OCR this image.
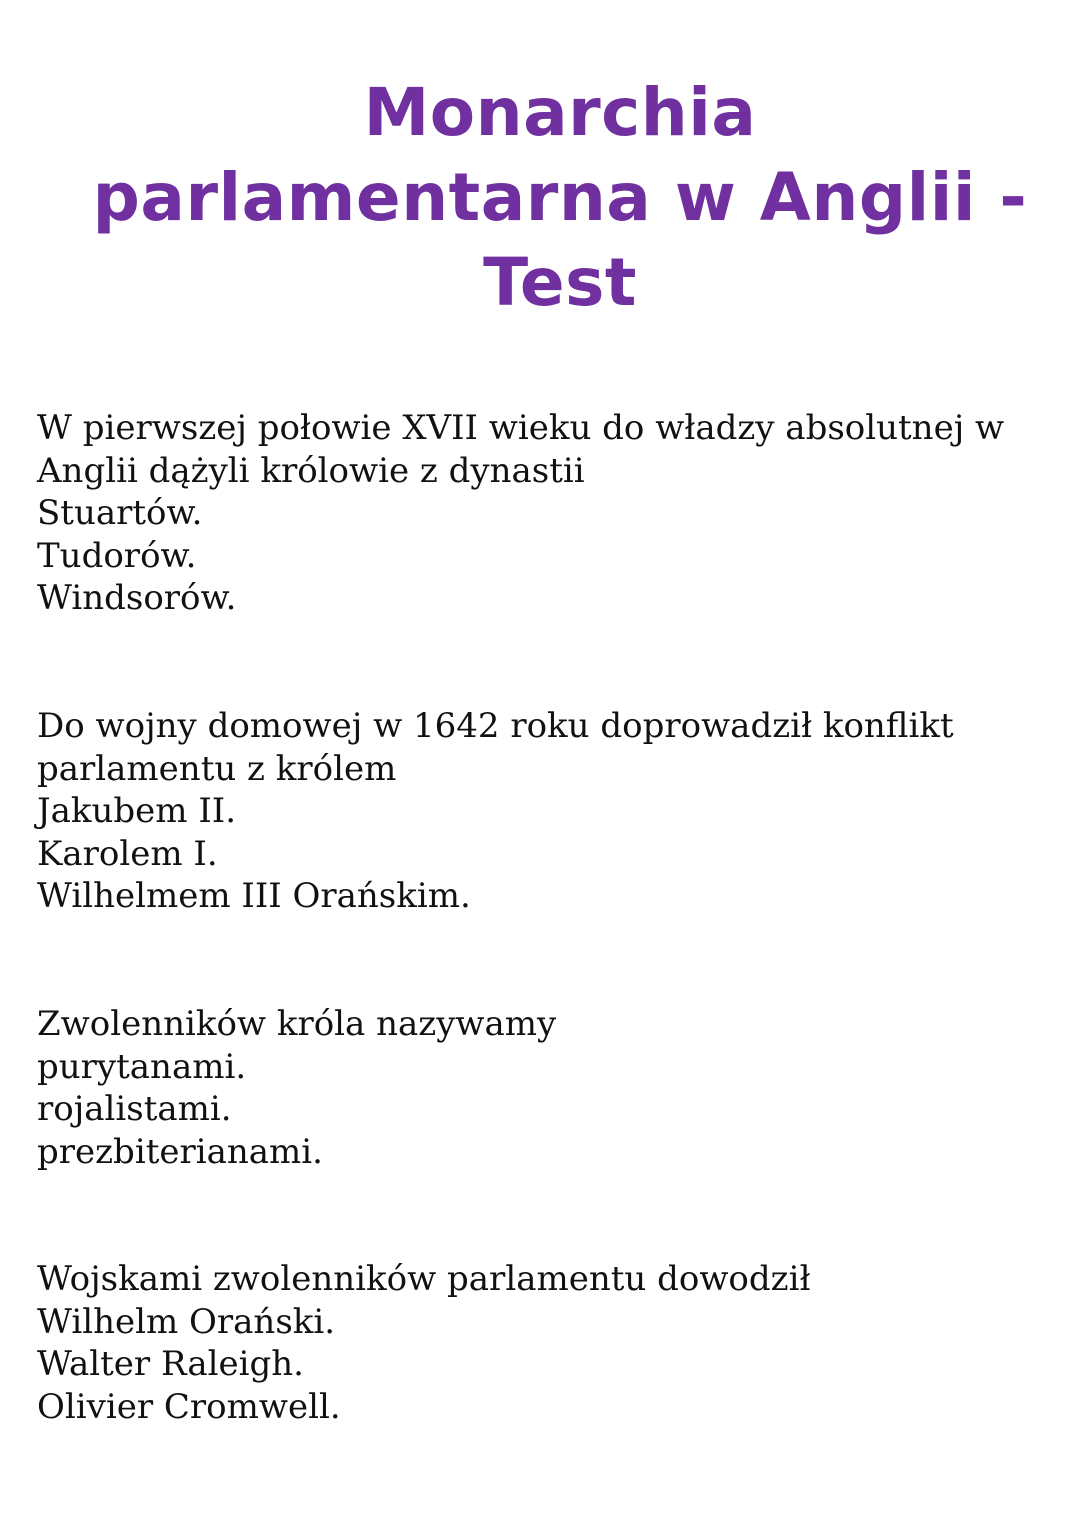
Monarchia
parlamentarna w Anglii -
Test

W pierwszej połowie XVII wieku do władzy absolutnej w

Anglii dążyli królowie z dynastii

Stuartów.

Tudorów.

Windsorów.

Do wojny domowej w 1642 roku doprowadził konflikt

parlamentu z królem

Jakubem II.

Karolem I.

Wilhelmem III Orańskim.

Zwolenników króla nazywamy

purytanami.

rojalistami.

prezbiterianami.

Wojskami zwolenników parlamentu dowodził

Wilhelm Orański.

Walter Raleigh.

Olivier Cromwell.
